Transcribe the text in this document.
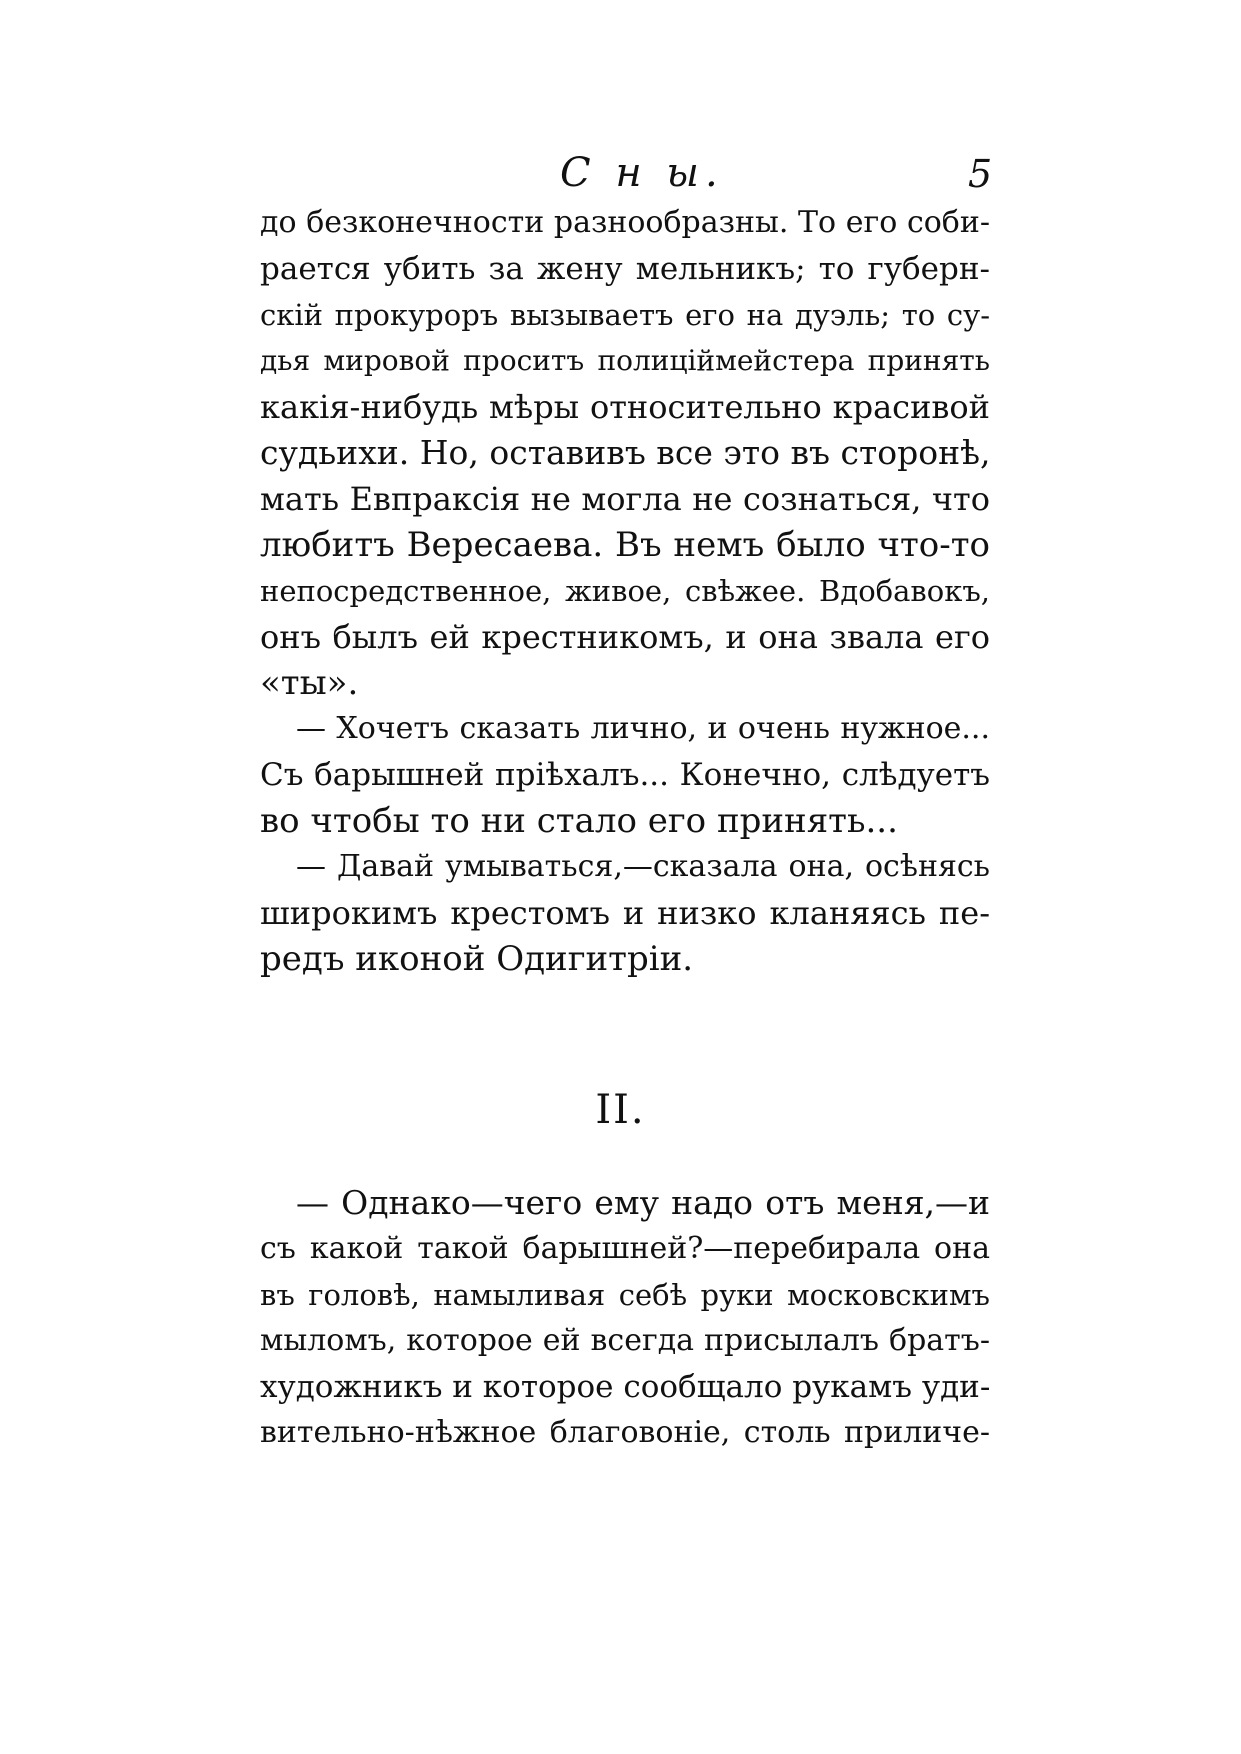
С н ы.	5
до безконечности разнообразны. То его соби-
рается убить за жену мельникъ; то губерн-
скій прокуроръ вызываетъ его на дуэль; то су-
дья мировой проситъ полиціймейстера принять
какія-нибудь мѣры относительно красивой
судьихи. Но, оставивъ все это въ сторонѣ,
мать Евпраксія не могла не сознаться, что
любитъ Вересаева. Въ немъ было что-то
непосредственное, живое, свѣжее. Вдобавокъ,
онъ былъ ей крестникомъ, и она звала его
«ты».
— Хочетъ сказать лично, и очень нужное...
Съ барышней пріѣхалъ... Конечно, слѣдуетъ
во чтобы то ни стало его принять...
— Давай умываться,—сказала она, осѣнясь
широкимъ крестомъ и низко кланяясь пе-
редъ иконой Одигитріи.
II.
— Однако—чего ему надо отъ меня,—и
съ какой такой барышней?—перебирала она
въ головѣ, намыливая себѣ руки московскимъ
мыломъ, которое ей всегда присылалъ братъ-
художникъ и которое сообщало рукамъ уди-
вительно-нѣжное благовоніе, столь приличе-
